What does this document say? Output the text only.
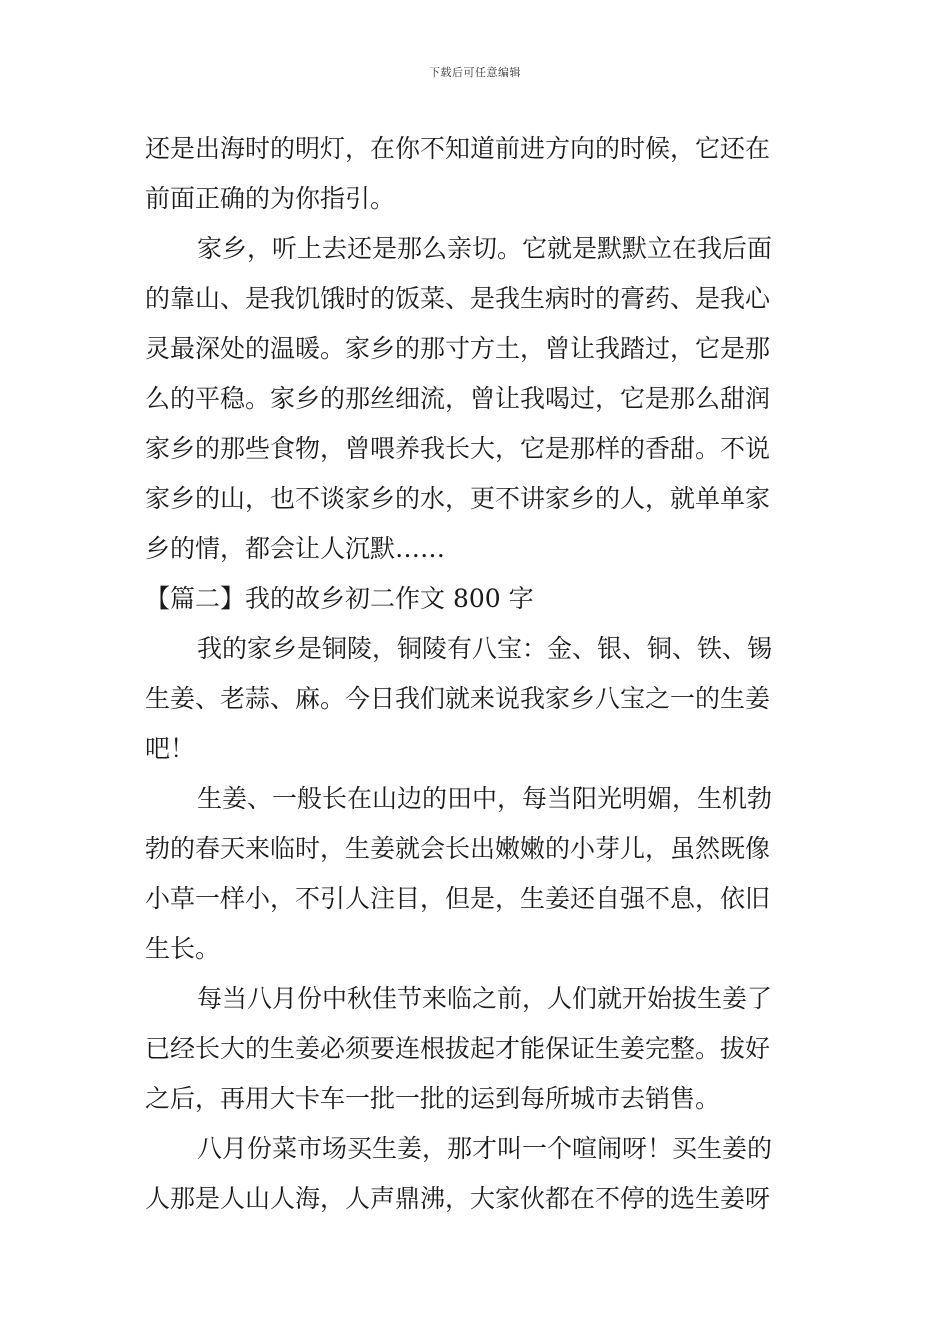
下载后可任意编辑
还是出海时的明灯，在你不知道前进方向的时候，它还在
前面正确的为你指引。
家乡，听上去还是那么亲切。它就是默默立在我后面
的靠山、是我饥饿时的饭菜、是我生病时的膏药、是我心
灵最深处的温暖。家乡的那寸方土，曾让我踏过，它是那
么的平稳。家乡的那丝细流，曾让我喝过，它是那么甜润
家乡的那些食物，曾喂养我长大，它是那样的香甜。不说
家乡的山，也不谈家乡的水，更不讲家乡的人，就单单家
乡的情，都会让人沉默……
【篇二】我的故乡初二作文 800 字
我的家乡是铜陵，铜陵有八宝：金、银、铜、铁、锡
生姜、老蒜、麻。今日我们就来说我家乡八宝之一的生姜
吧！
生姜、一般长在山边的田中，每当阳光明媚，生机勃
勃的春天来临时，生姜就会长出嫩嫩的小芽儿，虽然既像
小草一样小，不引人注目，但是，生姜还自强不息，依旧
生长。
每当八月份中秋佳节来临之前，人们就开始拔生姜了
已经长大的生姜必须要连根拔起才能保证生姜完整。拔好
之后，再用大卡车一批一批的运到每所城市去销售。
八月份菜市场买生姜，那才叫一个喧闹呀！买生姜的
人那是人山人海，人声鼎沸，大家伙都在不停的选生姜呀
